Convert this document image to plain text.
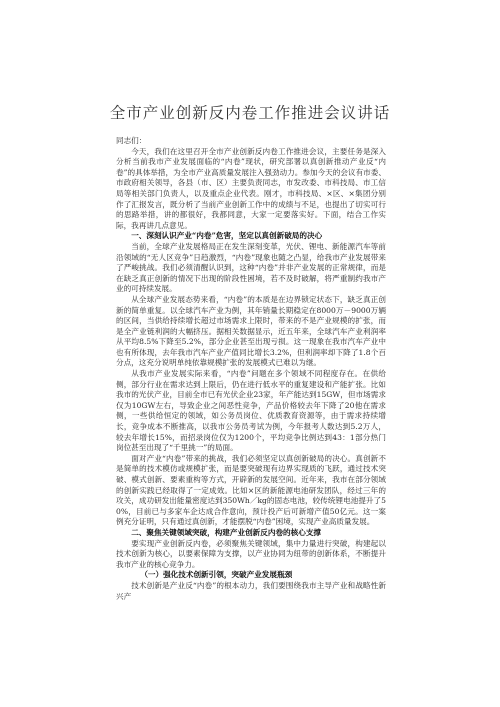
全市产业创新反内卷工作推进会议讲话

同志们：

今天，我们在这里召开全市产业创新反内卷工作推进会议，主要任务是深入分析当前我市产业发展面临的“内卷”现状，研究部署以真创新推动产业反“内卷”的具体举措，为全市产业高质量发展注入强劲动力。参加今天的会议有市委、市政府相关领导，各县（市、区）主要负责同志，市发改委、市科技局、市工信局等相关部门负责人，以及重点企业代表。刚才，市科技局、×区、×集团分别作了汇报发言，既分析了当前产业创新工作中的成绩与不足，也提出了切实可行的思路举措，讲的都很好，我都同意，大家一定要落实好。下面，结合工作实际，我再讲几点意见。

一、深刻认识产业“内卷”危害，坚定以真创新破局的决心

当前，全球产业发展格局正在发生深刻变革，光伏、锂电、新能源汽车等前沿领域的“无人区竞争”日趋激烈，“内卷”现象也随之凸显，给我市产业发展带来了严峻挑战。我们必须清醒认识到，这种“内卷”并非产业发展的正常规律，而是在缺乏真正创新的情况下出现的阶段性困境，若不及时破解，将严重制约我市产业的可持续发展。

从全球产业发展态势来看，“内卷”的本质是在边界锁定状态下，缺乏真正创新的简单重复。以全球汽车产业为例，其年销量长期稳定在8000万－9000万辆的区间，当供给持续增长超过市场需求上限时，带来的不是产业规模的扩张，而是全产业链利润的大幅挤压。据相关数据显示，近五年来，全球汽车产业利润率从平均8.5%下降至5.2%，部分企业甚至出现亏损。这一现象在我市汽车产业中也有所体现，去年我市汽车产业产值同比增长3.2%，但利润率却下降了1.8个百分点，这充分说明单纯依靠规模扩张的发展模式已难以为继。

从我市产业发展实际来看，“内卷”问题在多个领域不同程度存在。在供给侧，部分行业在需求达到上限后，仍在进行低水平的重复建设和产能扩张。比如我市的光伏产业，目前全市已有光伏企业23家，年产能达到15GW，但市场需求仅为10GW左右，导致企业之间恶性竞争，产品价格较去年下降了20他在需求侧，一些供给恒定的领域，如公务员岗位、优质教育资源等，由于需求持续增长，竞争成本不断推高，以我市公务员考试为例，今年报考人数达到5.2万人，较去年增长15%，而招录岗位仅为1200个，平均竞争比例达到43：1部分热门岗位甚至出现了“千里挑一”的局面。

面对产业“内卷”带来的挑战，我们必须坚定以真创新破局的决心。真创新不是简单的技术模仿或规模扩张，而是要突破现有边界实现质的飞跃，通过技术突破、模式创新、要素重构等方式，开辟新的发展空间。近年来，我市在部分领域的创新实践已经取得了一定成效。比如×区的新能源电池研发团队，经过三年的攻关，成功研发出能量密度达到350Wh／kg的固态电池，较传统锂电池提升了50%，目前已与多家车企达成合作意向，预计投产后可新增产值50亿元。这一案例充分证明，只有通过真创新，才能摆脱“内卷”困境，实现产业高质量发展。

二、聚焦关键领域突破，构建产业创新反内卷的核心支撑

要实现产业创新反内卷，必须聚焦关键领域，集中力量进行突破，构建起以技术创新为核心，以要素保障为支撑，以产业协同为纽带的创新体系，不断提升我市产业的核心竞争力。

（一）强化技术创新引领，突破产业发展瓶颈

技术创新是产业反“内卷”的根本动力，我们要围绕我市主导产业和战略性新兴产
